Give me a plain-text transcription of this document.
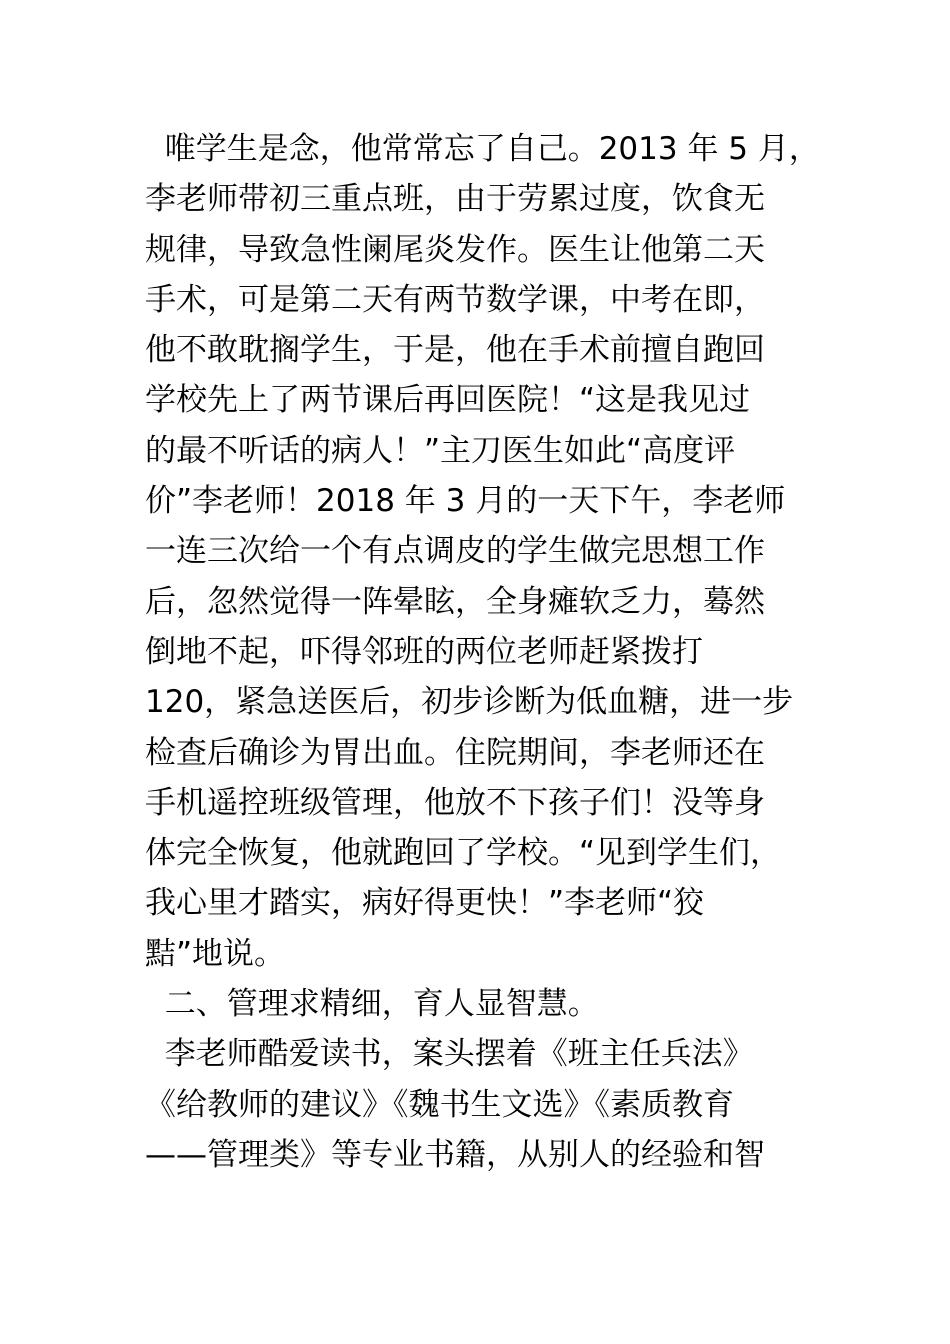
唯学生是念，他常常忘了自己。2013 年 5 月，
李老师带初三重点班，由于劳累过度，饮食无
规律，导致急性阑尾炎发作。医生让他第二天
手术，可是第二天有两节数学课，中考在即，
他不敢耽搁学生，于是，他在手术前擅自跑回
学校先上了两节课后再回医院！“这是我见过
的最不听话的病人！”主刀医生如此“高度评
价”李老师！2018 年 3 月的一天下午，李老师
一连三次给一个有点调皮的学生做完思想工作
后，忽然觉得一阵晕眩，全身瘫软乏力，蓦然
倒地不起，吓得邻班的两位老师赶紧拨打
120，紧急送医后，初步诊断为低血糖，进一步
检查后确诊为胃出血。住院期间，李老师还在
手机遥控班级管理，他放不下孩子们！没等身
体完全恢复，他就跑回了学校。“见到学生们，
我心里才踏实，病好得更快！”李老师“狡
黠”地说。
二、管理求精细，育人显智慧。
李老师酷爱读书，案头摆着《班主任兵法》
《给教师的建议》《魏书生文选》《素质教育
——管理类》等专业书籍，从别人的经验和智
